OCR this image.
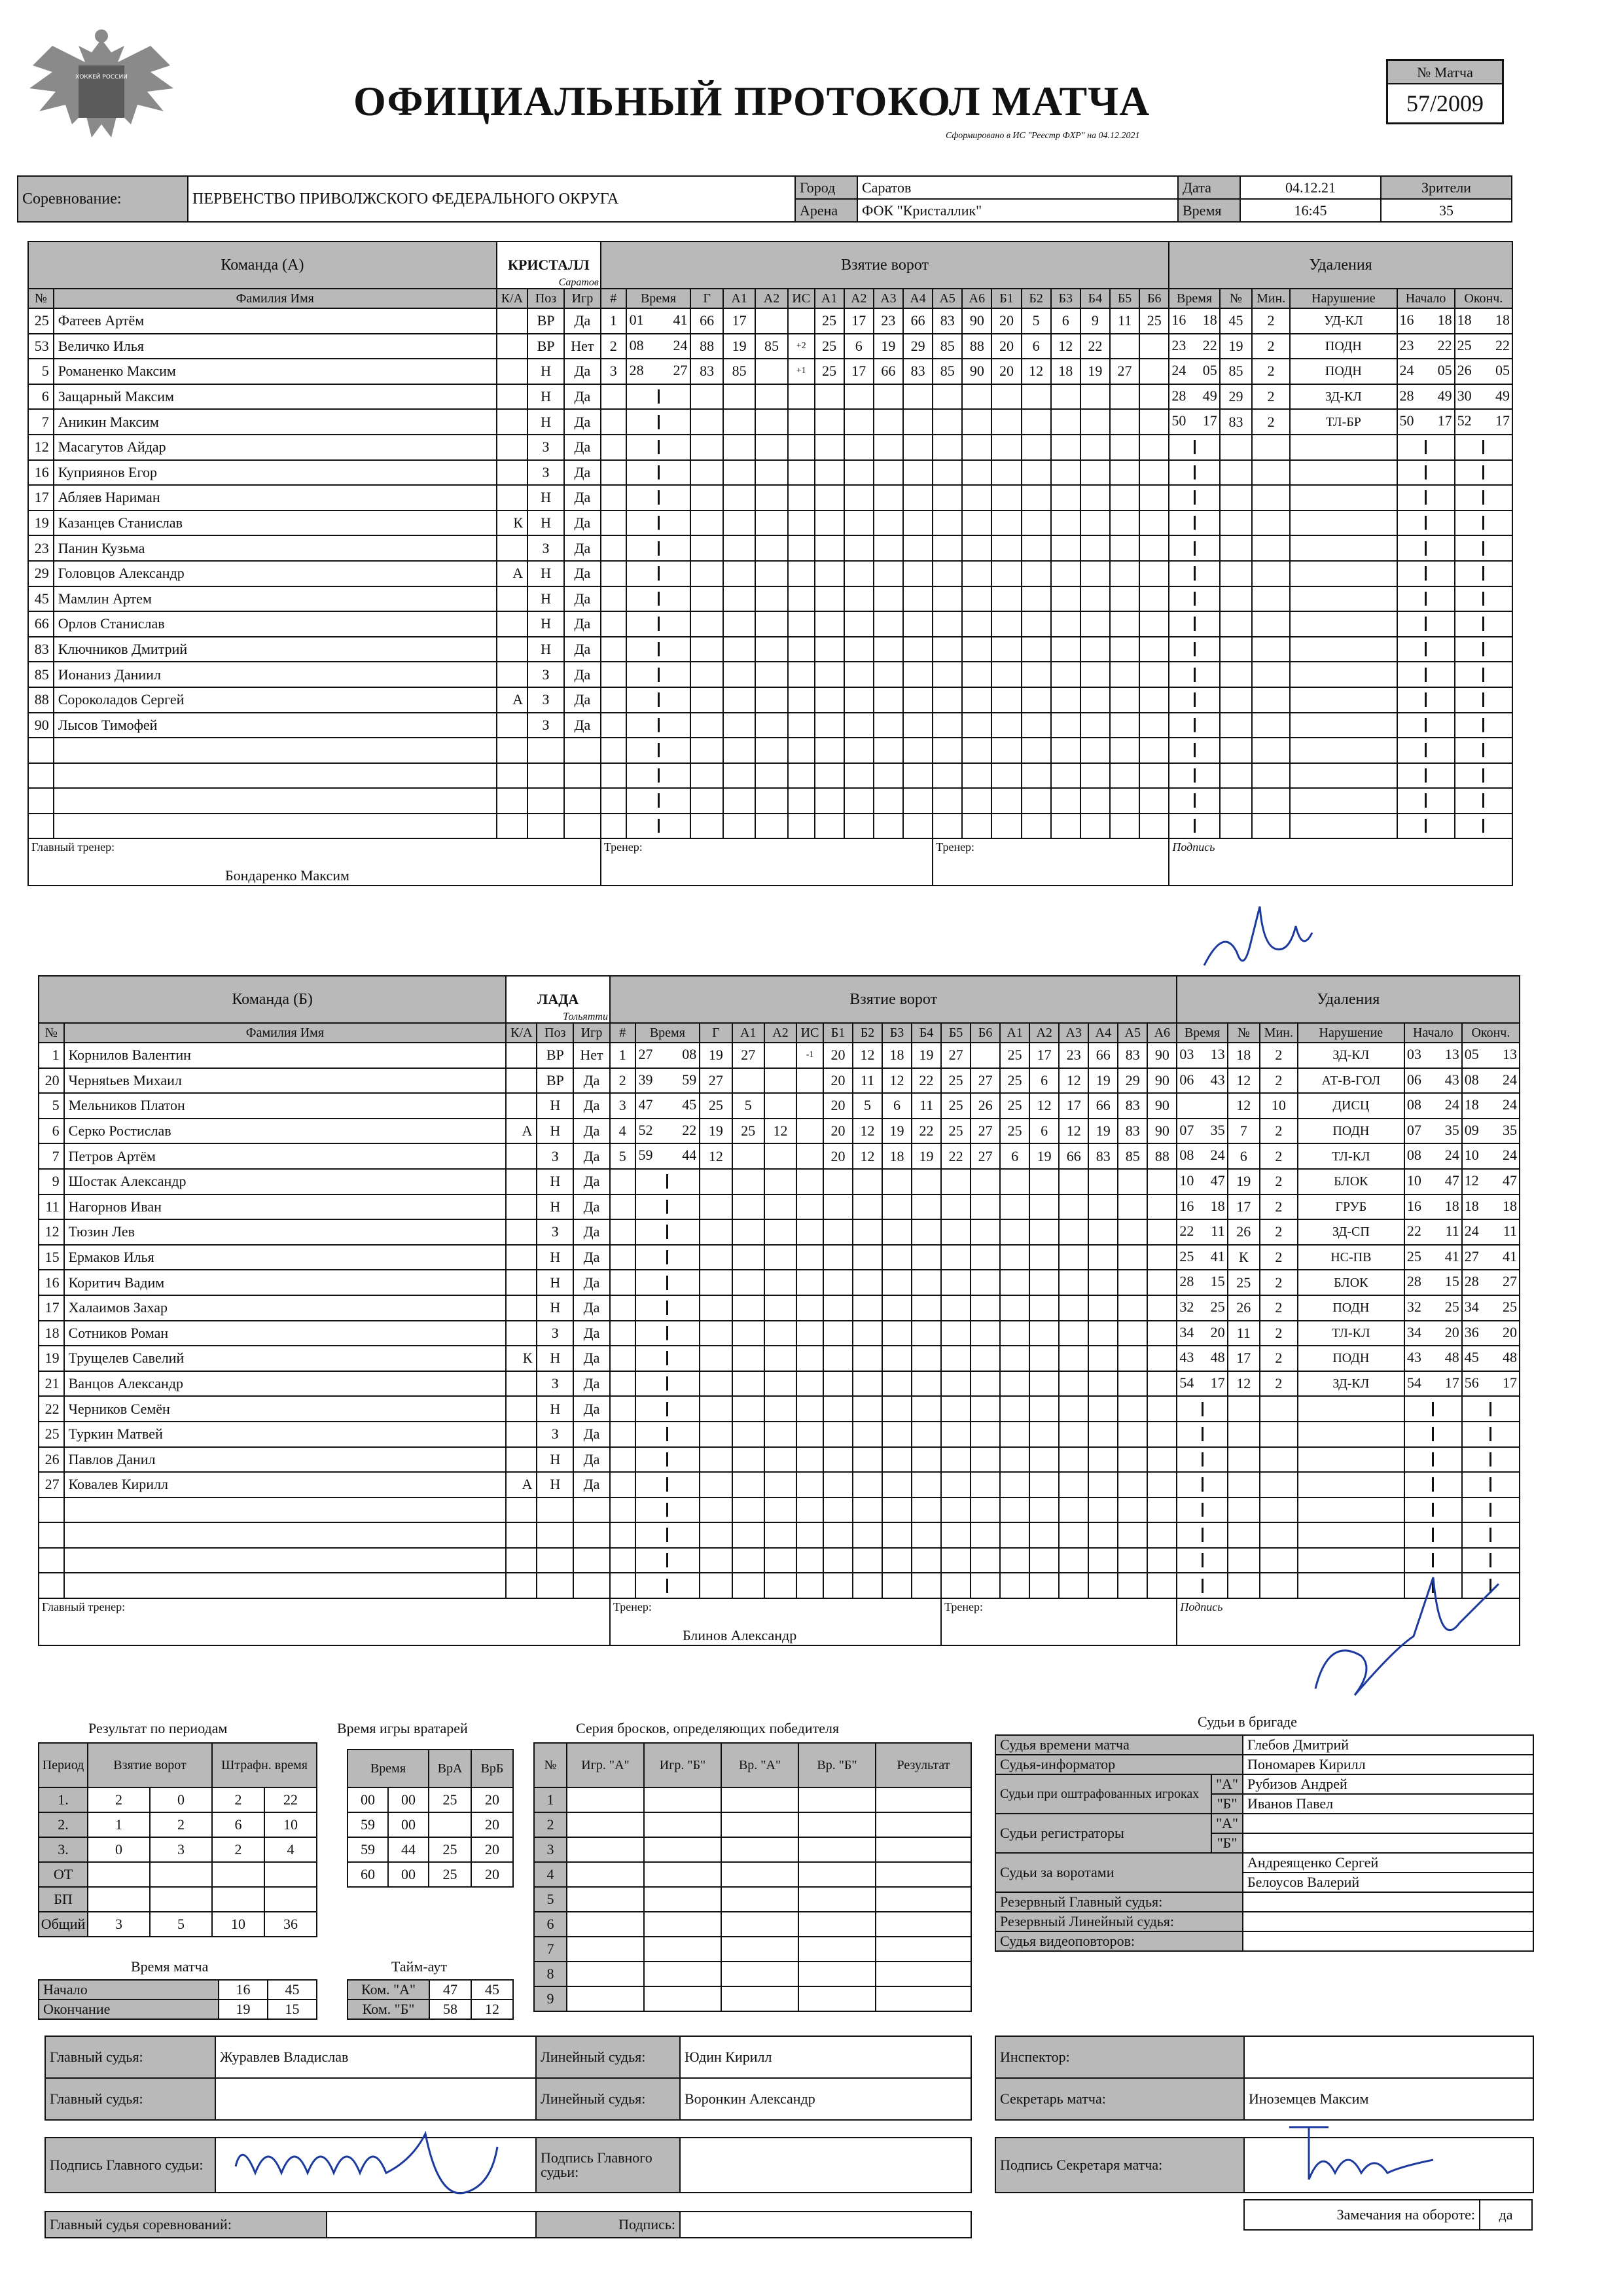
ХОККЕЙ РОССИИ
ОФИЦИАЛЬНЫЙ ПРОТОКОЛ МАТЧА
Сформировано в ИС "Реестр ФХР" на 04.12.2021
№ Матча
57/2009
Соревнование:	ПЕРВЕНСТВО ПРИВОЛЖСКОГО ФЕДЕРАЛЬНОГО ОКРУГА	Город	Саратов	Дата	04.12.21	Зрители
		Арена	ФОК "Кристаллик"	Время	16:45	35
Команда (А)		КРИСТАЛЛ
Саратов			Взятие ворот																		Удаления					
№	Фамилия Имя	К/А	Поз	Игр	#	Время	Г	А1	А2	ИС	А1	А2	А3	А4	А5	А6	Б1	Б2	Б3	Б4	Б5	Б6	Время	№	Мин.	Нарушение	Начало	Оконч.
25	Фатеев Артём		ВР	Да	1	01 41	66	17			25	17	23	66	83	90	20	5	6	9	11	25	16 18	45	2	УД-КЛ	16 18	18 18

53	Величко Илья		ВР	Нет	2	08 24	88	19	85	+2	25	6	19	29	85	88	20	6	12	22			23 22	19	2	ПОДН	23 22	25 22

5	Романенко Максим		Н	Да	3	28 27	83	85		+1	25	17	66	83	85	90	20	12	18	19	27		24 05	85	2	ПОДН	24 05	26 05

6	Защарный Максим		Н	Да																			28 49	29	2	ЗД-КЛ	28 49	30 49

7	Аникин Максим		Н	Да																			50 17	83	2	ТЛ-БР	50 17	52 17

12	Масагутов Айдар		З	Да																								
16	Куприянов Егор		З	Да																								
17	Абляев Нариман		Н	Да																								
19	Казанцев Станислав	К	Н	Да																								
23	Панин Кузьма		З	Да																								
29	Головцов Александр	А	Н	Да																								
45	Мамлин Артем		Н	Да																								
66	Орлов Станислав		Н	Да																								
83	Ключников Дмитрий		Н	Да																								
85	Ионаниз Даниил		З	Да																								
88	Сороколадов Сергей	А	З	Да																								
90	Лысов Тимофей		З	Да																								

Главный тренер:
Бондаренко Максим					Тренер:										Тренер:								Подпись					
Команда (Б)		ЛАДА
Тольятти			Взятие ворот																		Удаления					
№	Фамилия Имя	К/А	Поз	Игр	#	Время	Г	А1	А2	ИС	Б1	Б2	Б3	Б4	Б5	Б6	А1	А2	А3	А4	А5	А6	Время	№	Мин.	Нарушение	Начало	Оконч.
1	Корнилов Валентин		ВР	Нет	1	27 08	19	27		-1	20	12	18	19	27		25	17	23	66	83	90	03 13	18	2	ЗД-КЛ	03 13	05 13

20	Черняtьев Михаил		ВР	Да	2	39 59	27				20	11	12	22	25	27	25	6	12	19	29	90	06 43	12	2	АТ-В-ГОЛ	06 43	08 24

5	Мельников Платон		Н	Да	3	47 45	25	5			20	5	6	11	25	26	25	12	17	66	83	90		12	10	ДИСЦ	08 24	18 24

6	Серко Ростислав	А	Н	Да	4	52 22	19	25	12		20	12	19	22	25	27	25	6	12	19	83	90	07 35	7	2	ПОДН	07 35	09 35

7	Петров Артём		З	Да	5	59 44	12				20	12	18	19	22	27	6	19	66	83	85	88	08 24	6	2	ТЛ-КЛ	08 24	10 24

9	Шостак Александр		Н	Да																			10 47	19	2	БЛОК	10 47	12 47

11	Нагорнов Иван		Н	Да																			16 18	17	2	ГРУБ	16 18	18 18

12	Тюзин Лев		З	Да																			22 11	26	2	ЗД-СП	22 11	24 11

15	Ермаков Илья		Н	Да																			25 41	К	2	НС-ПВ	25 41	27 41

16	Коритич Вадим		Н	Да																			28 15	25	2	БЛОК	28 15	28 27

17	Халаимов Захар		Н	Да																			32 25	26	2	ПОДН	32 25	34 25

18	Сотников Роман		З	Да																			34 20	11	2	ТЛ-КЛ	34 20	36 20

19	Трущелев Савелий	К	Н	Да																			43 48	17	2	ПОДН	43 48	45 48

21	Ванцов Александр		З	Да																			54 17	12	2	ЗД-КЛ	54 17	56 17

22	Черников Семён		Н	Да																								
25	Туркин Матвей		З	Да																								
26	Павлов Данил		Н	Да																								
27	Ковалев Кирилл	А	Н	Да																								

Главный тренер:					Тренер:
Блинов Александр										Тренер:								Подпись					
Результат по периодам
Период	Взятие ворот		Штрафн. время	
1.	2	0	2	22
2.	1	2	6	10
3.	0	3	2	4
ОТ				
БП				
Общий	3	5	10	36
Время игры вратарей
Время		ВрА	ВрБ
00	00	25	20
59	00		20
59	44	25	20
60	00	25	20
Время матча
Начало	16	45
Окончание	19	15
Тайм-аут
Ком. "А"	47	45
Ком. "Б"	58	12
Серия бросков, определяющих победителя
№	Игр. "А"	Игр. "Б"	Вр. "А"	Вр. "Б"	Результат
1					
2					
3					
4					
5					
6					
7					
8					
9					
Судьи в бригаде
Судья времени матча		Глебов Дмитрий
Судья-информатор		Пономарев Кирилл
Судьи при оштрафованных игроках	"А"	Рубизов Андрей
	"Б"	Иванов Павел
Судьи регистраторы	"А"	
	"Б"	
Судьи за воротами		Андреященко Сергей
		Белоусов Валерий
Резервный Главный судья:		
Резервный Линейный судья:		
Судья видеоповторов:		
Главный судья:	Журавлев Владислав	Линейный судья:	Юдин Кирилл
Главный судья:		Линейный судья:	Воронкин Александр
Подпись Главного судьи:		Подпись Главного судьи:	
Главный судья соревнований:		Подпись:	
Инспектор:	
Секретарь матча:	Иноземцев Максим
Подпись Секретаря матча:	
Замечания на обороте:	да
